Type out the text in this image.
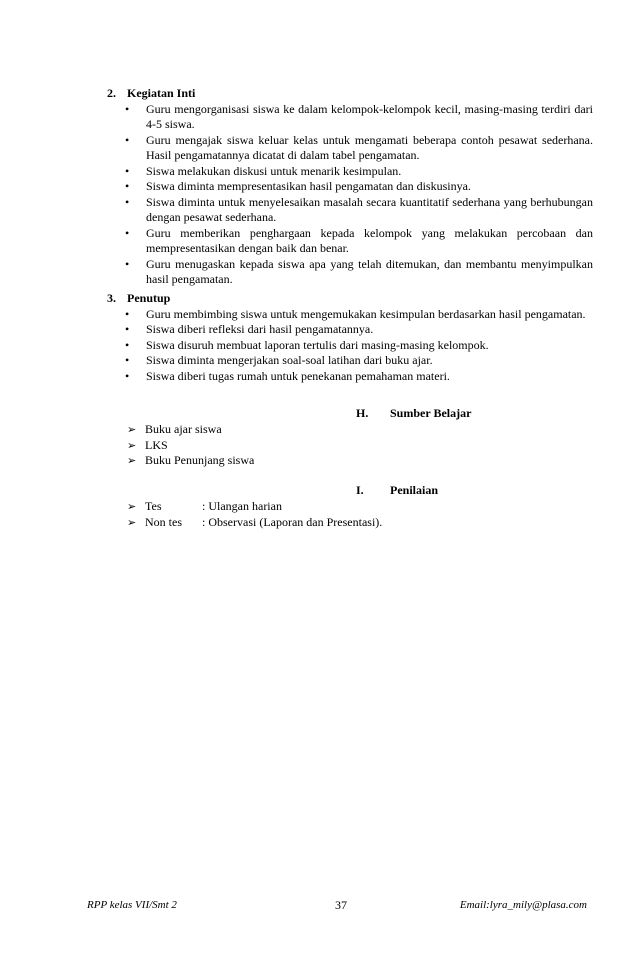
2. Kegiatan Inti
• Guru mengorganisasi siswa ke dalam kelompok-kelompok kecil, masing-masing terdiri dari 4-5 siswa.
• Guru mengajak siswa keluar kelas untuk mengamati beberapa contoh pesawat sederhana. Hasil pengamatannya dicatat di dalam tabel pengamatan.
• Siswa melakukan diskusi untuk menarik kesimpulan.
• Siswa diminta mempresentasikan hasil pengamatan dan diskusinya.
• Siswa diminta untuk menyelesaikan masalah secara kuantitatif sederhana yang berhubungan dengan pesawat sederhana.
• Guru memberikan penghargaan kepada kelompok yang melakukan percobaan dan mempresentasikan dengan baik dan benar.
• Guru menugaskan kepada siswa apa yang telah ditemukan, dan membantu menyimpulkan hasil pengamatan.
3. Penutup
• Guru membimbing siswa untuk mengemukakan kesimpulan berdasarkan hasil pengamatan.
• Siswa diberi refleksi dari hasil pengamatannya.
• Siswa disuruh membuat laporan tertulis dari masing-masing kelompok.
• Siswa diminta mengerjakan soal-soal latihan dari buku ajar.
• Siswa diberi tugas rumah untuk penekanan pemahaman materi.
H.	Sumber Belajar
➢ Buku ajar siswa
➢ LKS
➢ Buku Penunjang siswa
I.	Penilaian
➢ Tes	: Ulangan harian
➢ Non tes	: Observasi (Laporan dan Presentasi).
RPP kelas VII/Smt 2	37	Email:lyra_mily@plasa.com
